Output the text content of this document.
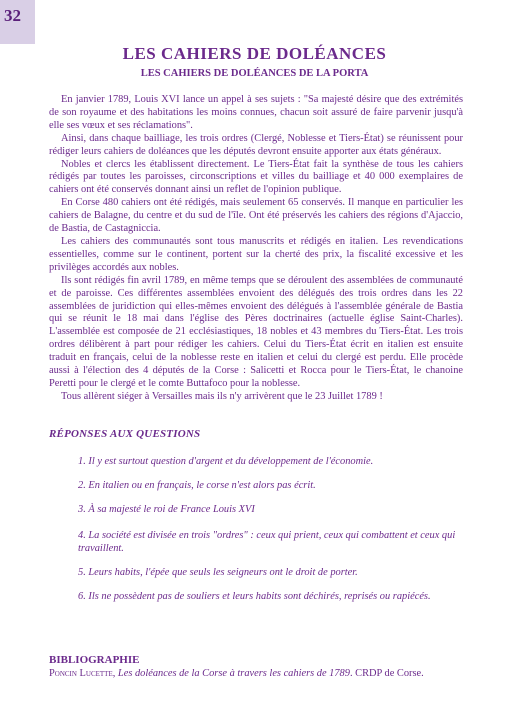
32
LES CAHIERS DE DOLÉANCES
LES CAHIERS DE DOLÉANCES DE LA PORTA

En janvier 1789, Louis XVI lance un appel à ses sujets : "Sa majesté désire que des extrémités de son royaume et des habitations les moins connues, chacun soit assuré de faire parvenir jusqu'à elle ses vœux et ses réclamations".

Ainsi, dans chaque bailliage, les trois ordres (Clergé, Noblesse et Tiers-État) se réunissent pour rédiger leurs cahiers de doléances que les députés devront ensuite apporter aux états généraux.

Nobles et clercs les établissent directement. Le Tiers-État fait la synthèse de tous les cahiers rédigés par toutes les paroisses, circonscriptions et villes du bailliage et 40 000 exemplaires de cahiers ont été conservés donnant ainsi un reflet de l'opinion publique.

En Corse 480 cahiers ont été rédigés, mais seulement 65 conservés. Il manque en particulier les cahiers de Balagne, du centre et du sud de l'île. Ont été préservés les cahiers des régions d'Ajaccio, de Bastia, de Castagniccia.

Les cahiers des communautés sont tous manuscrits et rédigés en italien. Les revendications essentielles, comme sur le continent, portent sur la cherté des prix, la fiscalité excessive et les privilèges accordés aux nobles.

Ils sont rédigés fin avril 1789, en même temps que se déroulent des assemblées de communauté et de paroisse. Ces différentes assemblées envoient des délégués des trois ordres dans les 22 assemblées de juridiction qui elles-mêmes envoient des délégués à l'assemblée générale de Bastia qui se réunit le 18 mai dans l'église des Pères doctrinaires (actuelle église Saint-Charles). L'assemblée est composée de 21 ecclésiastiques, 18 nobles et 43 membres du Tiers-État. Les trois ordres délibèrent à part pour rédiger les cahiers. Celui du Tiers-État écrit en italien est ensuite traduit en français, celui de la noblesse reste en italien et celui du clergé est perdu. Elle procède aussi à l'élection des 4 députés de la Corse : Salicetti et Rocca pour le Tiers-État, le chanoine Peretti pour le clergé et le comte Buttafoco pour la noblesse.

Tous allèrent siéger à Versailles mais ils n'y arrivèrent que le 23 Juillet 1789 !

RÉPONSES AUX QUESTIONS
1. Il y est surtout question d'argent et du développement de l'économie.
2. En italien ou en français, le corse n'est alors pas écrit.
3. À sa majesté le roi de France Louis XVI
4. La société est divisée en trois "ordres" : ceux qui prient, ceux qui combattent et ceux qui travaillent.
5. Leurs habits, l'épée que seuls les seigneurs ont le droit de porter.
6. Ils ne possèdent pas de souliers et leurs habits sont déchirés, reprisés ou rapiécés.
BIBLIOGRAPHIE
Poncin Lucette, Les doléances de la Corse à travers les cahiers de 1789. CRDP de Corse.
